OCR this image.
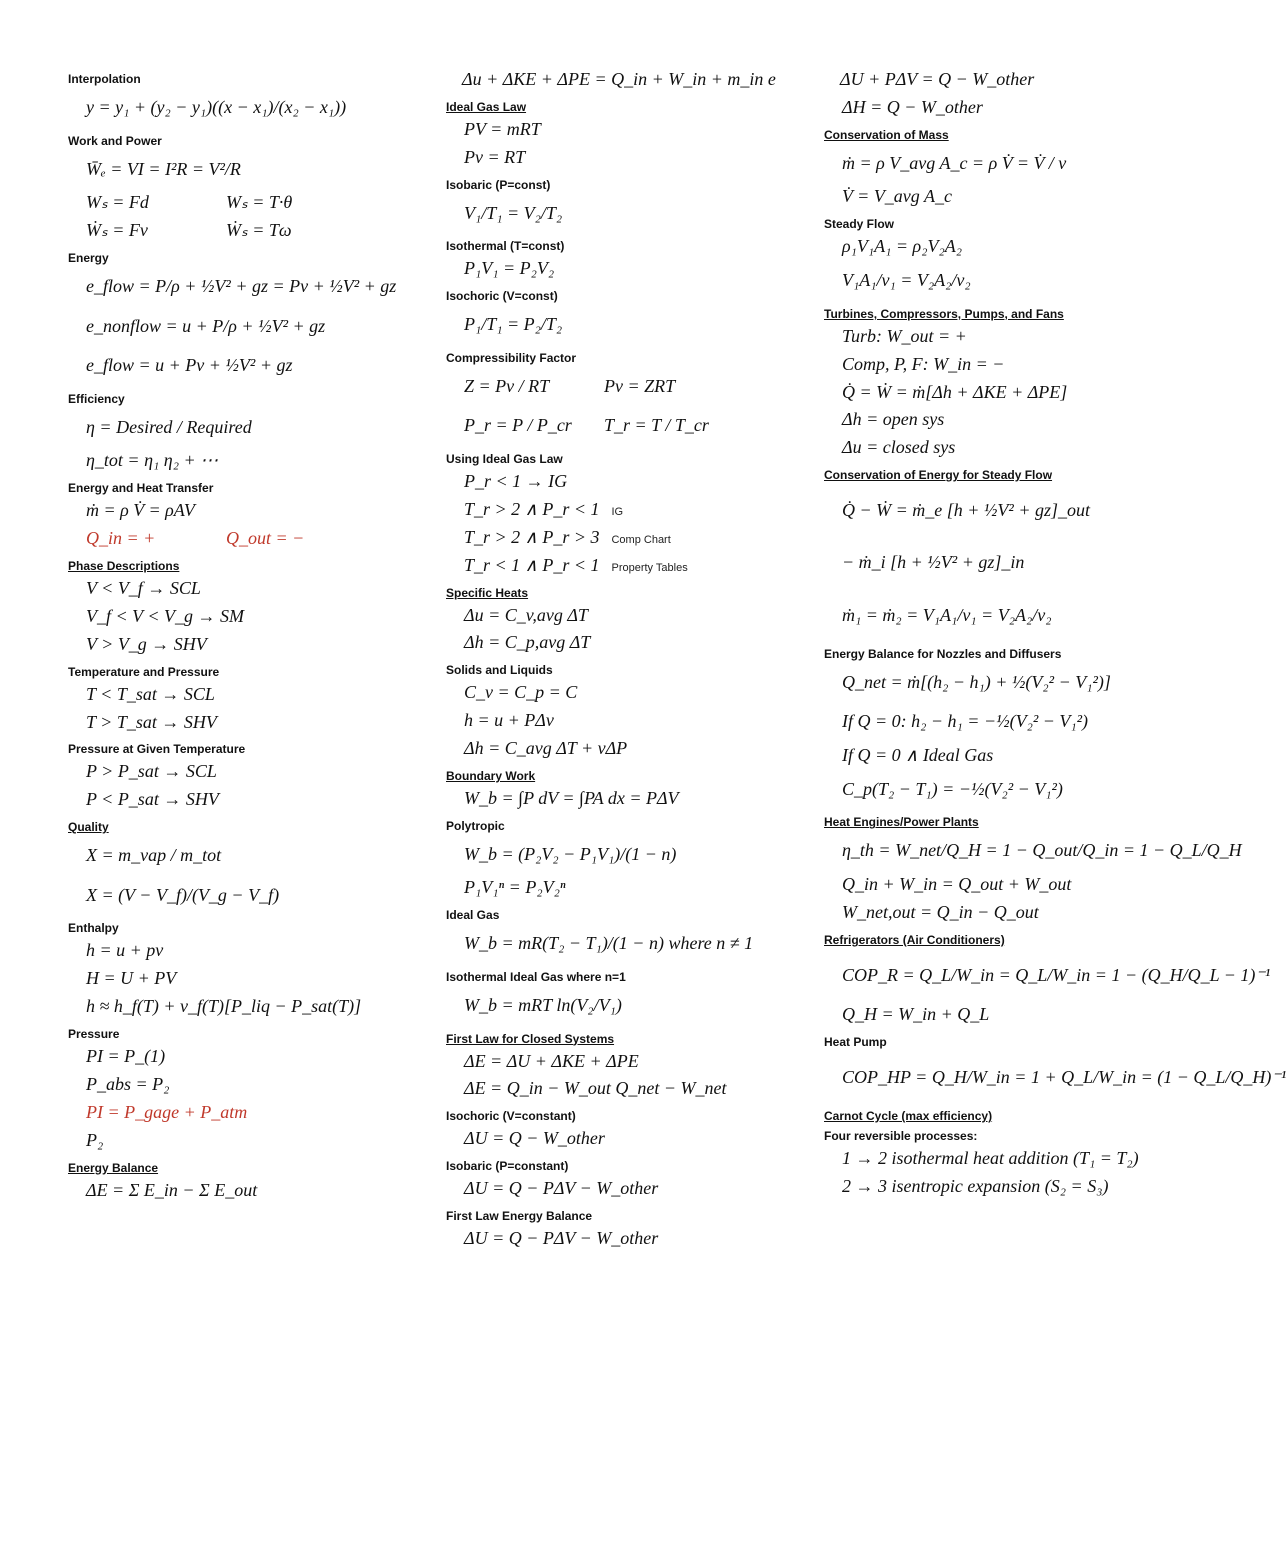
Interpolation
y = y₁ + (y₂ − y₁)((x − x₁)/(x₂ − x₁))
Work and Power
W̄ₑ = VI = I²R = V²/R
Wₛ = Fd	Wₛ = T·θ
Ẇₛ = Fv	Ẇₛ = Tω
Energy
e_flow = P/ρ + ½V² + gz = Pv + ½V² + gz
e_nonflow = u + P/ρ + ½V² + gz
e_flow = u + Pv + ½V² + gz
Efficiency
η = Desired / Required
η_tot = η₁ η₂ + ⋯
Energy and Heat Transfer
ṁ = ρ V̇ = ρAV
Q_in = +	Q_out = −
Phase Descriptions
V < V_f → SCL
V_f < V < V_g → SM
V > V_g → SHV
Temperature and Pressure
T < T_sat → SCL
T > T_sat → SHV
Pressure at Given Temperature
P > P_sat → SCL
P < P_sat → SHV
Quality
X = m_vap / m_tot
X = (V − V_f)/(V_g − V_f)
Enthalpy
h = u + pv
H = U + PV
h ≈ h_f(T) + v_f(T)[P_liq − P_sat(T)]
Pressure
PI = P_(1)
P_abs = P₂
PI = P_gage + P_atm
P₂
Energy Balance
ΔE = Σ E_in − Σ E_out
Δu + ΔKE + ΔPE = Q_in + W_in + m_in e
Ideal Gas Law
PV = mRT
Pv = RT
Isobaric (P=const)
V₁/T₁ = V₂/T₂
Isothermal (T=const)
P₁V₁ = P₂V₂
Isochoric (V=const)
P₁/T₁ = P₂/T₂
Compressibility Factor
Z = Pv / RT	Pv = ZRT
P_r = P / P_cr	T_r = T / T_cr
Using Ideal Gas Law
P_r < 1 → IG
T_r > 2 ∧ P_r < 1 IG
T_r > 2 ∧ P_r > 3 Comp Chart
T_r < 1 ∧ P_r < 1 Property Tables
Specific Heats
Δu = C_v,avg ΔT
Δh = C_p,avg ΔT
Solids and Liquids
C_v = C_p = C
h = u + PΔv
Δh = C_avg ΔT + vΔP
Boundary Work
W_b = ∫P dV = ∫PA dx = PΔV
Polytropic
W_b = (P₂V₂ − P₁V₁)/(1 − n)
P₁V₁ⁿ = P₂V₂ⁿ
Ideal Gas
W_b = mR(T₂ − T₁)/(1 − n) where n ≠ 1
Isothermal Ideal Gas where n=1
W_b = mRT ln(V₂/V₁)
First Law for Closed Systems
ΔE = ΔU + ΔKE + ΔPE
ΔE = Q_in − W_out Q_net − W_net
Isochoric (V=constant)
ΔU = Q − W_other
Isobaric (P=constant)
ΔU = Q − PΔV − W_other
First Law Energy Balance
ΔU = Q − PΔV − W_other
ΔU + PΔV = Q − W_other
ΔH = Q − W_other
Conservation of Mass
ṁ = ρ V_avg A_c = ρ V̇ = V̇ / v
V̇ = V_avg A_c
Steady Flow
ρ₁V₁A₁ = ρ₂V₂A₂
V₁A₁/v₁ = V₂A₂/v₂
Turbines, Compressors, Pumps, and Fans
Turb: W_out = +
Comp, P, F: W_in = −
Q̇ = Ẇ = ṁ[Δh + ΔKE + ΔPE]
Δh = open sys
Δu = closed sys
Conservation of Energy for Steady Flow
Q̇ − Ẇ = ṁ_e [h + ½V² + gz]_out
− ṁ_i [h + ½V² + gz]_in
ṁ₁ = ṁ₂ = V₁A₁/v₁ = V₂A₂/v₂
Energy Balance for Nozzles and Diffusers
Q_net = ṁ[(h₂ − h₁) + ½(V₂² − V₁²)]
If Q = 0: h₂ − h₁ = −½(V₂² − V₁²)
If Q = 0 ∧ Ideal Gas
C_p(T₂ − T₁) = −½(V₂² − V₁²)
Heat Engines/Power Plants
η_th = W_net/Q_H = 1 − Q_out/Q_in = 1 − Q_L/Q_H
Q_in + W_in = Q_out + W_out
W_net,out = Q_in − Q_out
Refrigerators (Air Conditioners)
COP_R = Q_L/W_in = Q_L/W_in = 1 − (Q_H/Q_L − 1)⁻¹
Q_H = W_in + Q_L
Heat Pump
COP_HP = Q_H/W_in = 1 + Q_L/W_in = (1 − Q_L/Q_H)⁻¹
Carnot Cycle (max efficiency)
Four reversible processes:
1 → 2 isothermal heat addition (T₁ = T₂)
2 → 3 isentropic expansion (S₂ = S₃)
